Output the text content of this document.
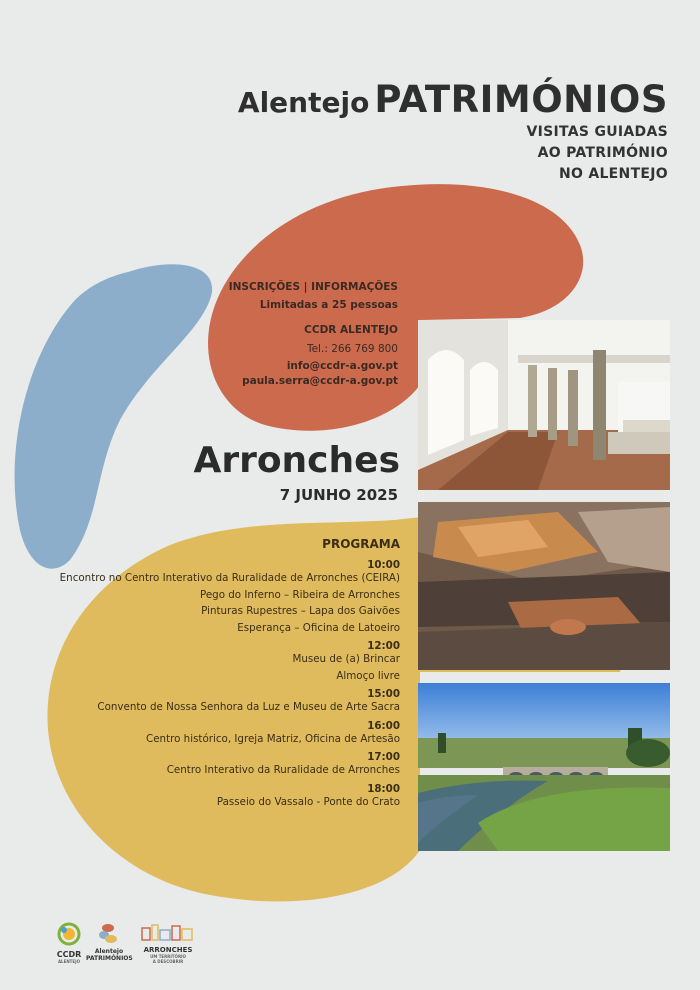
Alentejo PATRIMÓNIOS
VISITAS GUIADAS
AO PATRIMÓNIO
NO ALENTEJO
INSCRIÇÕES | INFORMAÇÕES
Limitadas a 25 pessoas
CCDR ALENTEJO
Tel.: 266 769 800
info@ccdr-a.gov.pt
paula.serra@ccdr-a.gov.pt
Arronches
7 JUNHO 2025
PROGRAMA
10:00
Encontro no Centro Interativo da Ruralidade de Arronches (CEIRA)
Pego do Inferno – Ribeira de Arronches
Pinturas Rupestres – Lapa dos Gaivões
Esperança – Oficina de Latoeiro
12:00
Museu de (a) Brincar
Almoço livre
15:00
Convento de Nossa Senhora da Luz e Museu de Arte Sacra
16:00
Centro histórico, Igreja Matriz, Oficina de Artesão
17:00
Centro Interativo da Ruralidade de Arronches
18:00
Passeio do Vassalo - Ponte do Crato
CCDR
ALENTEJO
Alentejo
PATRIMÓNIOS
ARRONCHES
UM TERRITÓRIO
A DESCOBRIR
